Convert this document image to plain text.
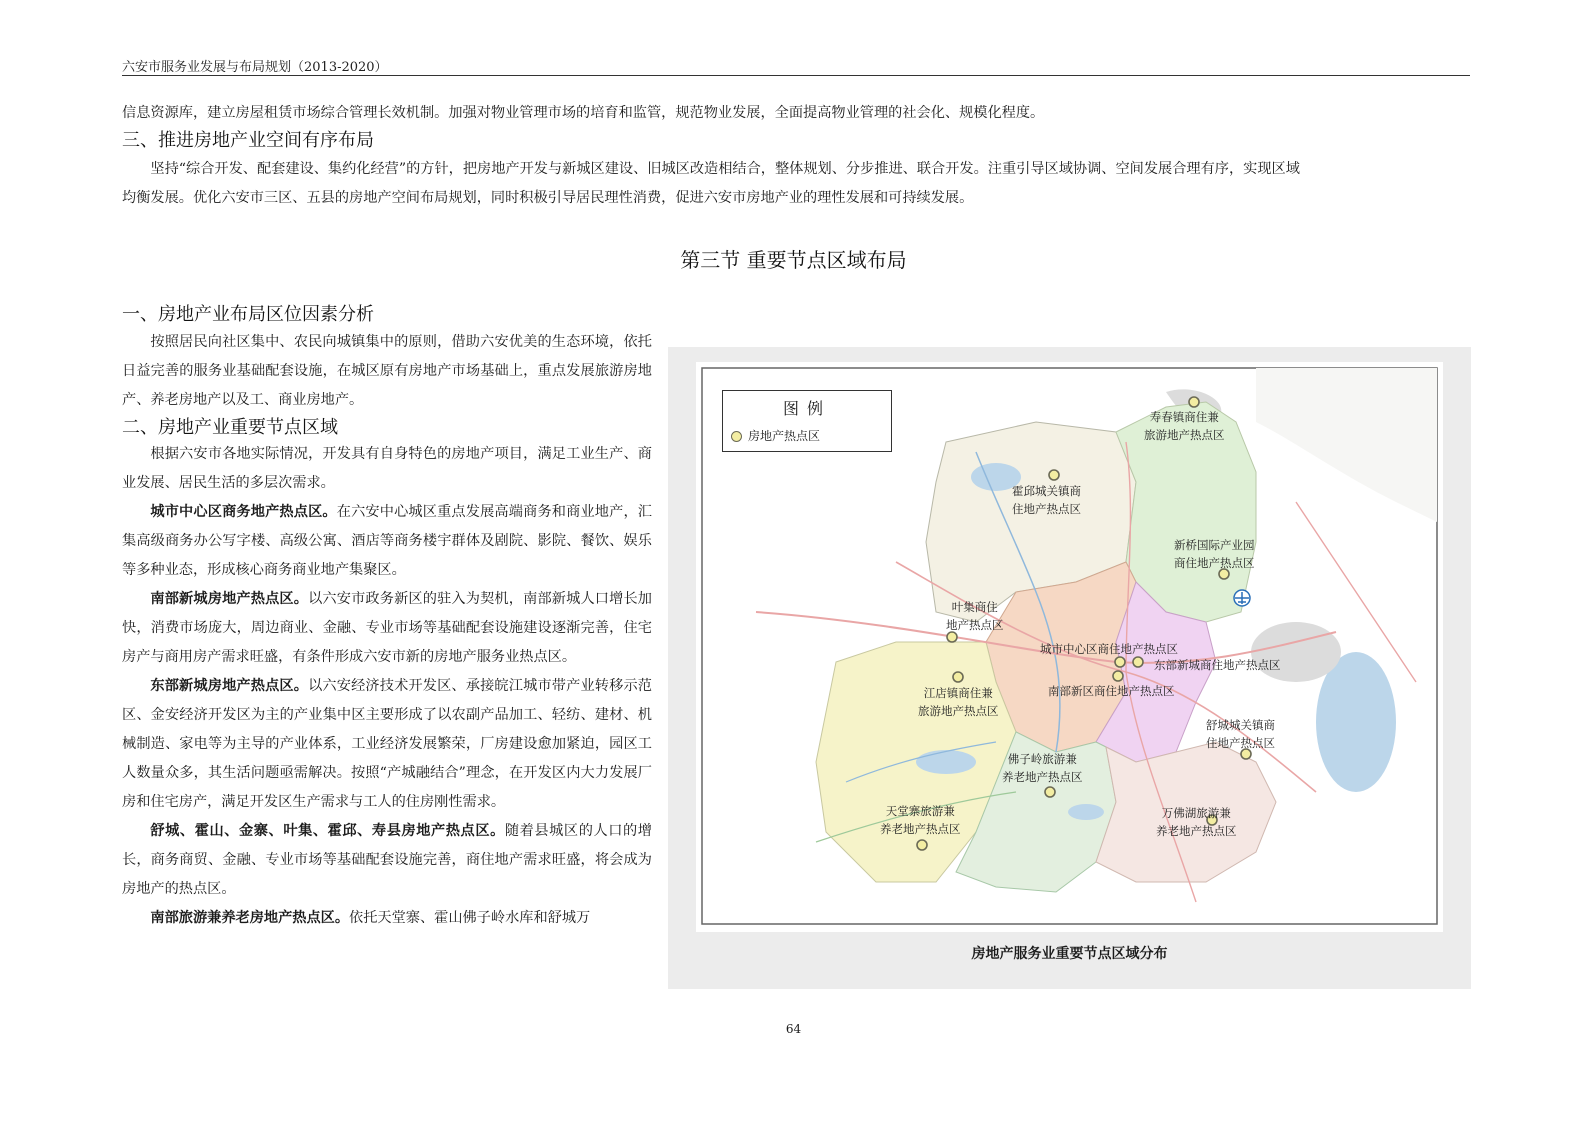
六安市服务业发展与布局规划（2013-2020）

信息资源库，建立房屋租赁市场综合管理长效机制。加强对物业管理市场的培育和监管，规范物业发展，全面提高物业管理的社会化、规模化程度。

三、推进房地产业空间有序布局

坚持“综合开发、配套建设、集约化经营”的方针，把房地产开发与新城区建设、旧城区改造相结合，整体规划、分步推进、联合开发。注重引导区域协调、空间发展合理有序，实现区域

均衡发展。优化六安市三区、五县的房地产空间布局规划，同时积极引导居民理性消费，促进六安市房地产业的理性发展和可持续发展。

第三节 重要节点区域布局
一、房地产业布局区位因素分析

按照居民向社区集中、农民向城镇集中的原则，借助六安优美的生态环境，依托日益完善的服务业基础配套设施，在城区原有房地产市场基础上，重点发展旅游房地产、养老房地产以及工、商业房地产。

二、房地产业重要节点区域

根据六安市各地实际情况，开发具有自身特色的房地产项目，满足工业生产、商业发展、居民生活的多层次需求。

城市中心区商务地产热点区。在六安中心城区重点发展高端商务和商业地产，汇集高级商务办公写字楼、高级公寓、酒店等商务楼宇群体及剧院、影院、餐饮、娱乐等多种业态，形成核心商务商业地产集聚区。

南部新城房地产热点区。以六安市政务新区的驻入为契机，南部新城人口增长加快，消费市场庞大，周边商业、金融、专业市场等基础配套设施建设逐渐完善，住宅房产与商用房产需求旺盛，有条件形成六安市新的房地产服务业热点区。

东部新城房地产热点区。以六安经济技术开发区、承接皖江城市带产业转移示范区、金安经济开发区为主的产业集中区主要形成了以农副产品加工、轻纺、建材、机械制造、家电等为主导的产业体系，工业经济发展繁荣，厂房建设愈加紧迫，园区工人数量众多，其生活问题亟需解决。按照“产城融结合”理念，在开发区内大力发展厂房和住宅房产，满足开发区生产需求与工人的住房刚性需求。

舒城、霍山、金寨、叶集、霍邱、寿县房地产热点区。随着县城区的人口的增长，商务商贸、金融、专业市场等基础配套设施完善，商住地产需求旺盛，将会成为房地产的热点区。

南部旅游兼养老房地产热点区。依托天堂寨、霍山佛子岭水库和舒城万

图例
房地产热点区
寿春镇商住兼
旅游地产热点区
霍邱城关镇商
住地产热点区
新桥国际产业园
商住地产热点区
叶集商住
地产热点区
城市中心区商住地产热点区
东部新城商住地产热点区
南部新区商住地产热点区
江店镇商住兼
旅游地产热点区
舒城城关镇商
住地产热点区
佛子岭旅游兼
养老地产热点区
天堂寨旅游兼
养老地产热点区
万佛湖旅游兼
养老地产热点区
房地产服务业重要节点区域分布
64
